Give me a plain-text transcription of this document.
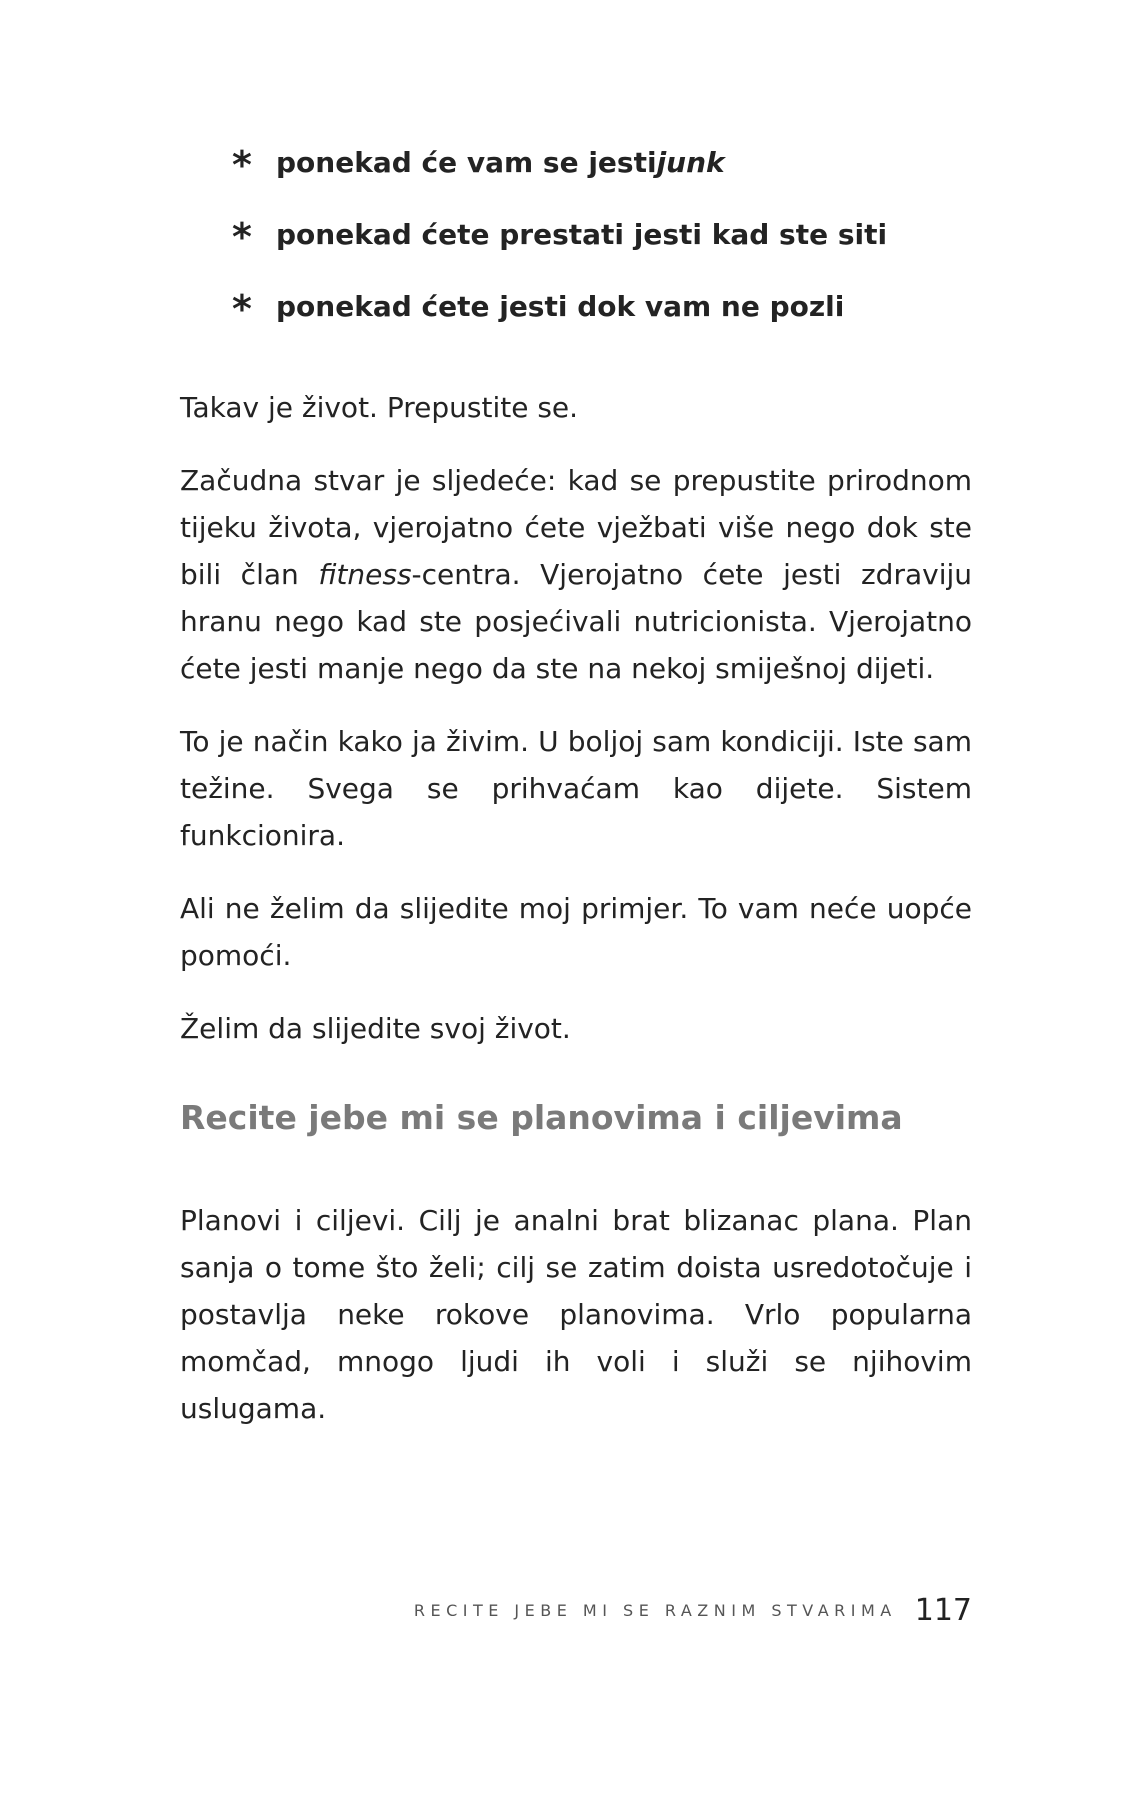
* ponekad će vam se jesti junk
* ponekad ćete prestati jesti kad ste siti
* ponekad ćete jesti dok vam ne pozli

Takav je život. Prepustite se.

Začudna stvar je sljedeće: kad se prepustite prirodnom tijeku života, vjerojatno ćete vježbati više nego dok ste bili član fitness-centra. Vjerojatno ćete jesti zdraviju hranu nego kad ste posjećivali nutricionista. Vjerojatno ćete jesti manje nego da ste na nekoj smiješnoj dijeti.

To je način kako ja živim. U boljoj sam kondiciji. Iste sam težine. Svega se prihvaćam kao dijete. Sistem funkcionira.

Ali ne želim da slijedite moj primjer. To vam neće uopće pomoći.

Želim da slijedite svoj život.

Recite jebe mi se planovima i ciljevima

Planovi i ciljevi. Cilj je analni brat blizanac plana. Plan sanja o tome što želi; cilj se zatim doista usredotočuje i postavlja neke rokove planovima. Vrlo popularna momčad, mnogo ljudi ih voli i služi se njihovim uslugama.

RECITE JEBE MI SE RAZNIM STVARIMA 117
